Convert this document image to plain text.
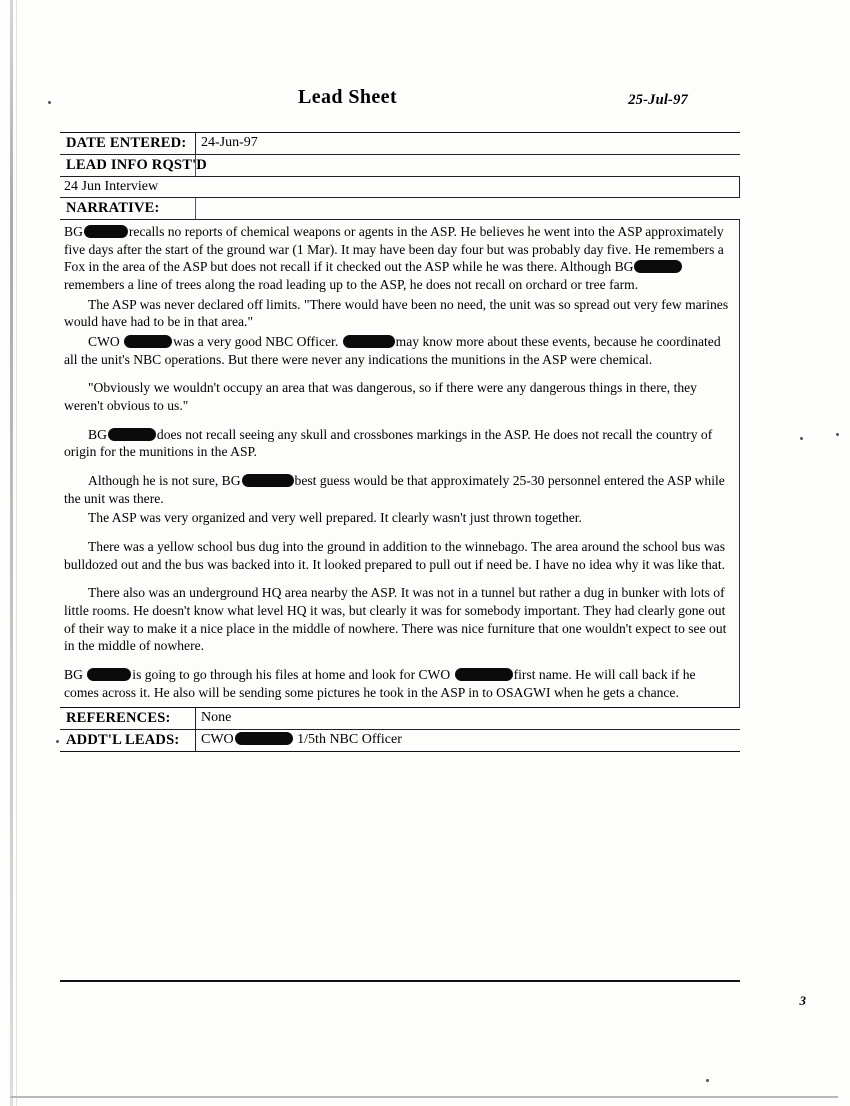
Lead Sheet	25-Jul-97
DATE ENTERED:	24-Jun-97
LEAD INFO RQST'D
24 Jun Interview
NARRATIVE:

BG	recalls no reports of chemical weapons or agents in the ASP. He believes he went into the ASP approximately five days after the start of the ground war (1 Mar). It may have been day four but was probably day five. He remembers a Fox in the area of the ASP but does not recall if it checked out the ASP while he was there. Although BGremembers a line of trees along the road leading up to the ASP, he does not recall on orchard or tree farm.

The ASP was never declared off limits. "There would have been no need, the unit was so spread out very few marines would have had to be in that area."

CWO	was a very good NBC Officer.	may know more about these events, because he coordinated all the unit's NBC operations. But there were never any indications the munitions in the ASP were chemical.

"Obviously we wouldn't occupy an area that was dangerous, so if there were any dangerous things in there, they weren't obvious to us."

BG	does not recall seeing any skull and crossbones markings in the ASP. He does not recall the country of origin for the munitions in the ASP.

Although he is not sure, BG	best guess would be that approximately 25-30 personnel entered the ASP while the unit was there.

The ASP was very organized and very well prepared. It clearly wasn't just thrown together.

There was a yellow school bus dug into the ground in addition to the winnebago. The area around the school bus was bulldozed out and the bus was backed into it. It looked prepared to pull out if need be. I have no idea why it was like that.

There also was an underground HQ area nearby the ASP. It was not in a tunnel but rather a dug in bunker with lots of little rooms. He doesn't know what level HQ it was, but clearly it was for somebody important. They had clearly gone out of their way to make it a nice place in the middle of nowhere. There was nice furniture that one wouldn't expect to see out in the middle of nowhere.

BG	is going to go through his files at home and look for CWO	first name. He will call back if he comes across it. He also will be sending some pictures he took in the ASP in to OSAGWI when he gets a chance.

REFERENCES:	None
ADDT'L LEADS:	CWO	1/5th NBC Officer
3
